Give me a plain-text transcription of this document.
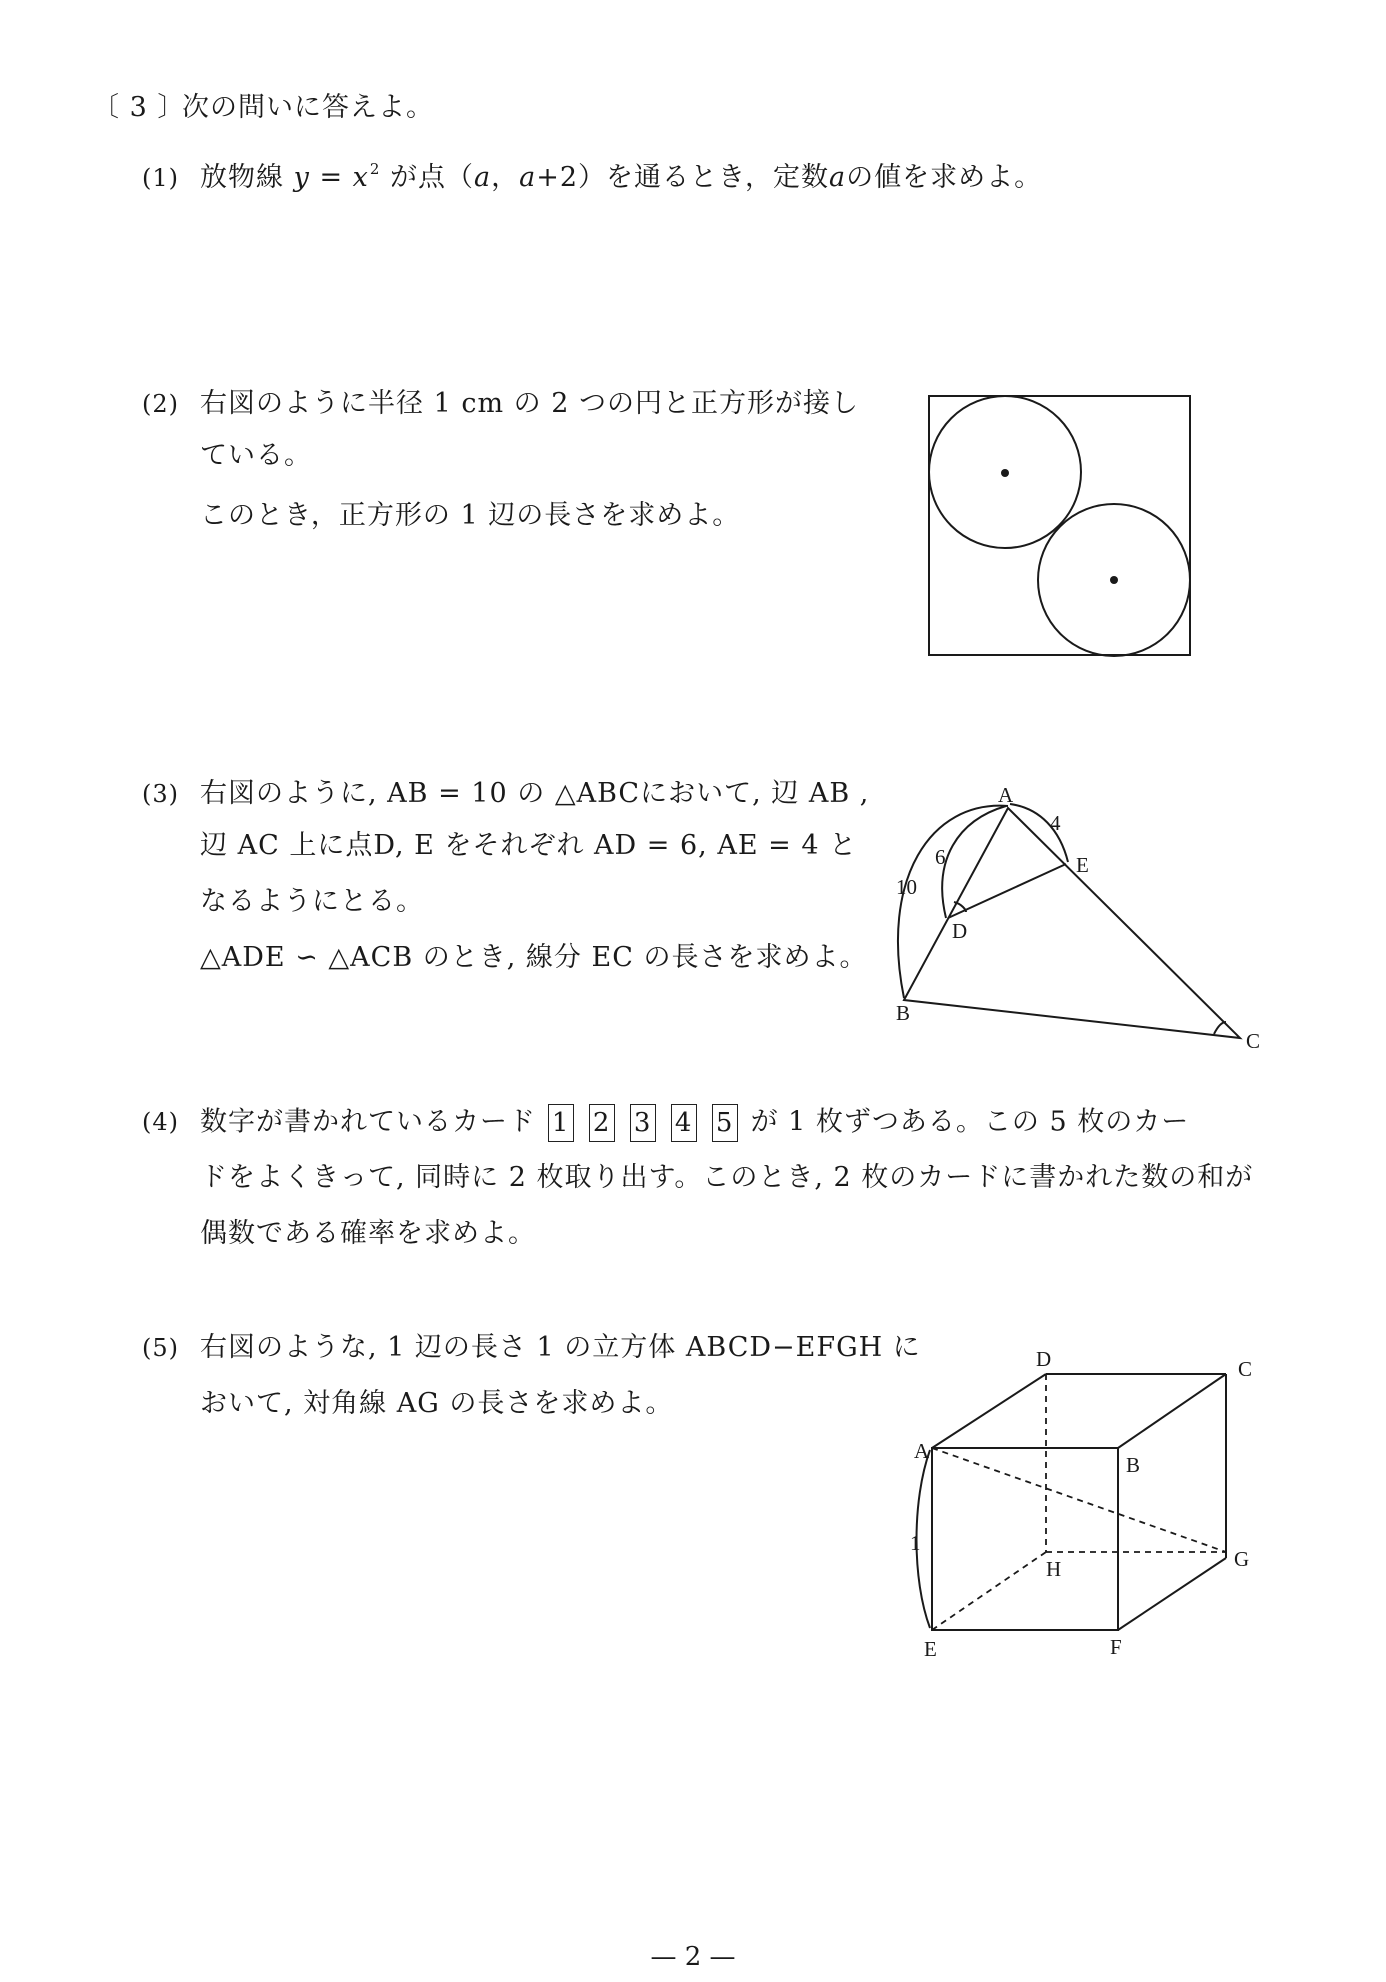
〔 3 〕
次の問いに答えよ。
(1) 放物線 $y = x^2$ が点（a，a+2）を通るとき，定数aの値を求めよ。
(2) 右図のように半径 1 cm の 2 つの円と正方形が接し
ている。
このとき，正方形の 1 辺の長さを求めよ。
(3) 右図のように, AB = 10 の △ABCにおいて, 辺 AB ,
辺 AC 上に点D, E をそれぞれ AD = 6, AE = 4 と
なるようにとる。
△ADE ∽ △ACB のとき, 線分 EC の長さを求めよ。
(4) 数字が書かれているカード 1 2 3 4 5 が 1 枚ずつある。この 5 枚のカー
ドをよくきって, 同時に 2 枚取り出す。このとき, 2 枚のカードに書かれた数の和が
偶数である確率を求めよ。
(5) 右図のような, 1 辺の長さ 1 の立方体 ABCD−EFGH に
おいて, 対角線 AG の長さを求めよ。
A
B
C
D
E
10
6
4
A
B
C
D
E	F
G
H
1
— 2 —
